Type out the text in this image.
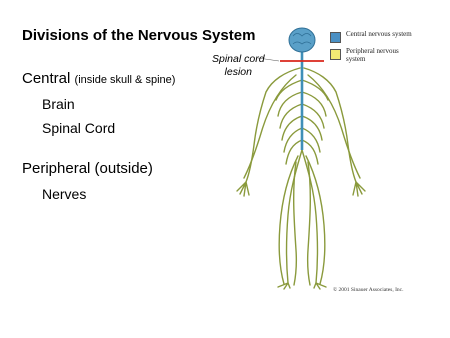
Divisions of the Nervous System
Central (inside skull & spine)
Brain
Spinal Cord
Peripheral (outside)
Nerves
Spinal cord
lesion
Central nervous system
Peripheral nervous system
© 2001 Sinauer Associates, Inc.
